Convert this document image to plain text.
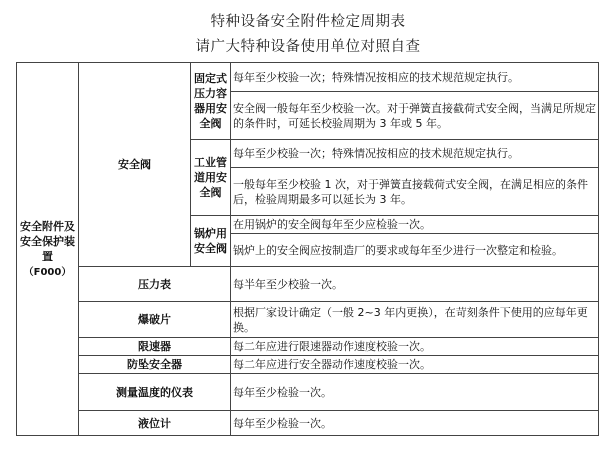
特种设备安全附件检定周期表
请广大特种设备使用单位对照自查
安全附件及安全保护装置
（F000）	安全阀	固定式压力容器用安全阀	每年至少校验一次；特殊情况按相应的技术规范规定执行。
			安全阀一般每年至少校验一次。对于弹簧直接截荷式安全阀，当满足所规定的条件时，可延长校验周期为 3 年或 5 年。
		工业管道用安全阀	每年至少校验一次；特殊情况按相应的技术规范规定执行。
			一般每年至少校验 1 次，对于弹簧直接载荷式安全阀，在满足相应的条件后，检验周期最多可以延长为 3 年。
		锅炉用安全阀	在用锅炉的安全阀每年至少应检验一次。
			锅炉上的安全阀应按制造厂的要求或每年至少进行一次整定和检验。
	压力表		每半年至少校验一次。
	爆破片		根据厂家设计确定（一般 2~3 年内更换），在苛刻条件下使用的应每年更换。
	限速器		每二年应进行限速器动作速度校验一次。
	防坠安全器		每二年应进行安全器动作速度校验一次。
	测量温度的仪表		每年至少检验一次。
	液位计		每年至少检验一次。
